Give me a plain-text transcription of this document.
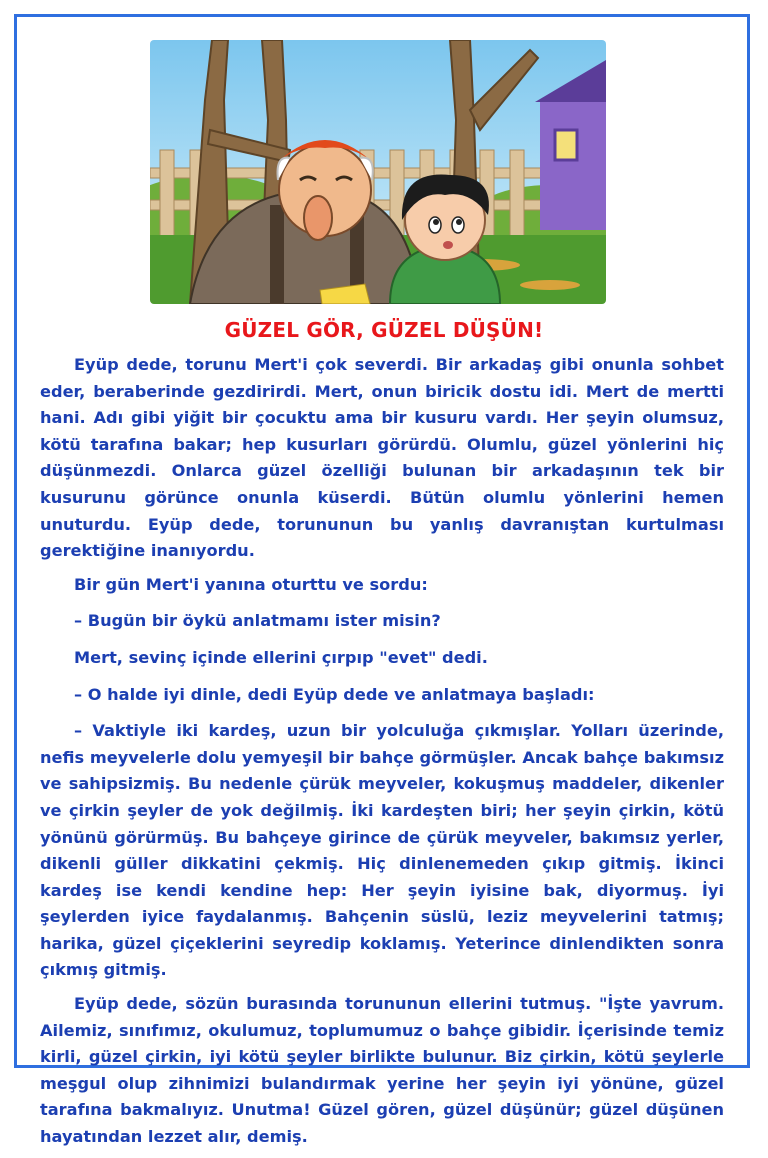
GÜZEL GÖR, GÜZEL DÜŞÜN!

Eyüp dede, torunu Mert'i çok severdi. Bir arkadaş gibi onunla sohbet eder, beraberinde gezdirirdi. Mert, onun biricik dostu idi. Mert de mertti hani. Adı gibi yiğit bir çocuktu ama bir kusuru vardı. Her şeyin olumsuz, kötü tarafına bakar; hep kusurları görürdü. Olumlu, güzel yönlerini hiç düşünmezdi. Onlarca güzel özelliği bulunan bir arkadaşının tek bir kusurunu görünce onunla küserdi. Bütün olumlu yönlerini hemen unuturdu. Eyüp dede, torununun bu yanlış davranıştan kurtulması gerektiğine inanıyordu.

Bir gün Mert'i yanına oturttu ve sordu:

– Bugün bir öykü anlatmamı ister misin?

Mert, sevinç içinde ellerini çırpıp "evet" dedi.

– O halde iyi dinle, dedi Eyüp dede ve anlatmaya başladı:

– Vaktiyle iki kardeş, uzun bir yolculuğa çıkmışlar. Yolları üzerinde, nefis meyvelerle dolu yemyeşil bir bahçe görmüşler. Ancak bahçe bakımsız ve sahipsizmiş. Bu nedenle çürük meyveler, kokuşmuş maddeler, dikenler ve çirkin şeyler de yok değilmiş. İki kardeşten biri; her şeyin çirkin, kötü yönünü görürmüş. Bu bahçeye girince de çürük meyveler, bakımsız yerler, dikenli güller dikkatini çekmiş. Hiç dinlenemeden çıkıp gitmiş. İkinci kardeş ise kendi kendine hep: Her şeyin iyisine bak, diyormuş. İyi şeylerden iyice faydalanmış. Bahçenin süslü, leziz meyvelerini tatmış; harika, güzel çiçeklerini seyredip koklamış. Yeterince dinlendikten sonra çıkmış gitmiş.

Eyüp dede, sözün burasında torununun ellerini tutmuş. "İşte yavrum. Ailemiz, sınıfımız, okulumuz, toplumumuz o bahçe gibidir. İçerisinde temiz kirli, güzel çirkin, iyi kötü şeyler birlikte bulunur. Biz çirkin, kötü şeylerle meşgul olup zihnimizi bulandırmak yerine her şeyin iyi yönüne, güzel tarafına bakmalıyız. Unutma! Güzel gören, güzel düşünür; güzel düşünen hayatından lezzet alır, demiş.
